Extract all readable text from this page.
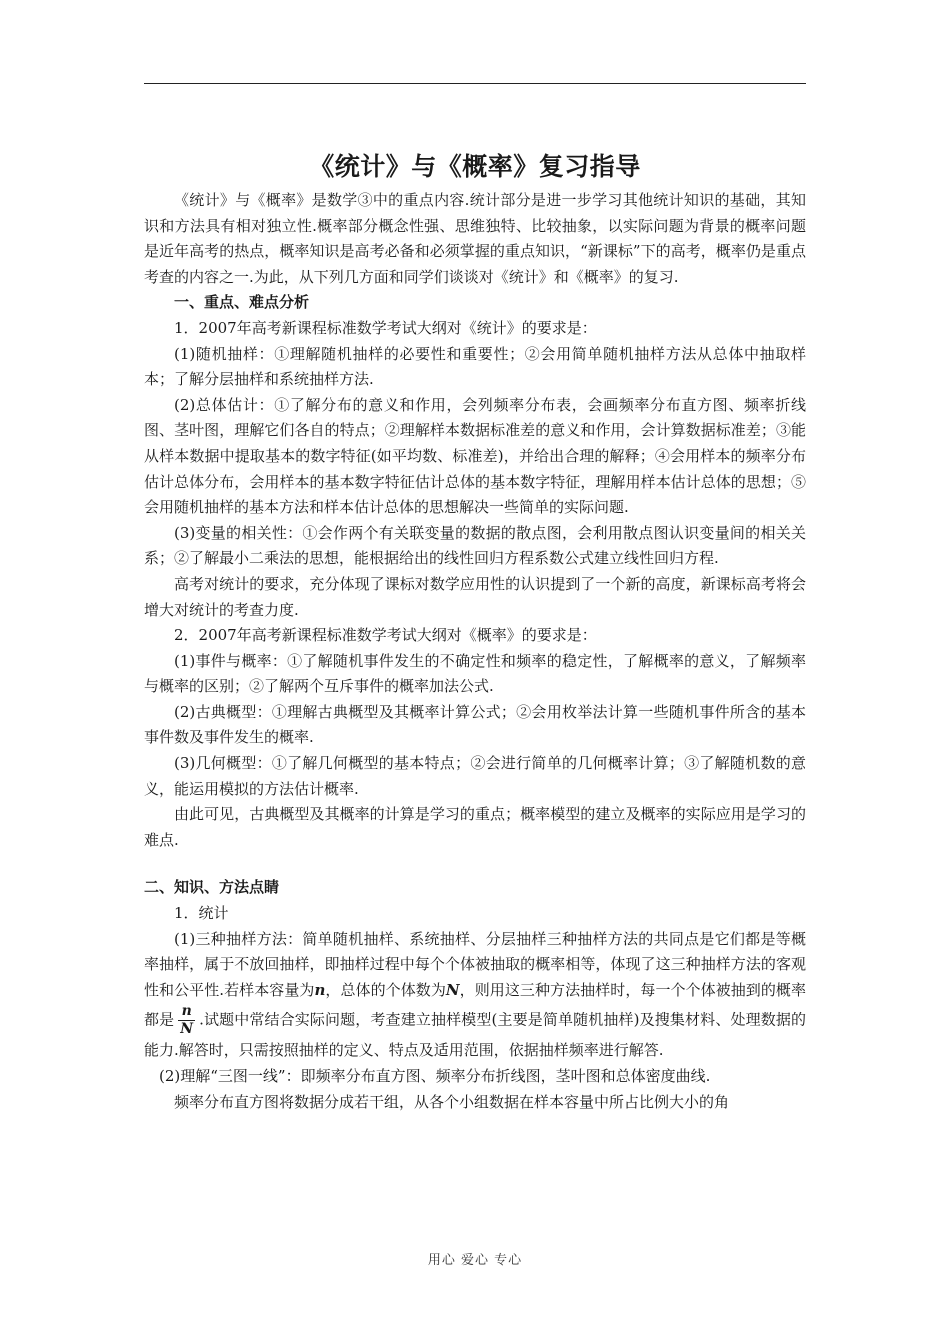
《统计》与《概率》复习指导

《统计》与《概率》是数学③中的重点内容.统计部分是进一步学习其他统计知识的基础，其知识和方法具有相对独立性.概率部分概念性强、思维独特、比较抽象，以实际问题为背景的概率问题是近年高考的热点，概率知识是高考必备和必须掌握的重点知识，“新课标”下的高考，概率仍是重点考查的内容之一.为此，从下列几方面和同学们谈谈对《统计》和《概率》的复习.

一、重点、难点分析

1．2007年高考新课程标准数学考试大纲对《统计》的要求是：

(1)随机抽样：①理解随机抽样的必要性和重要性；②会用简单随机抽样方法从总体中抽取样本；了解分层抽样和系统抽样方法.

(2)总体估计：①了解分布的意义和作用，会列频率分布表，会画频率分布直方图、频率折线图、茎叶图，理解它们各自的特点；②理解样本数据标准差的意义和作用，会计算数据标准差；③能从样本数据中提取基本的数字特征(如平均数、标准差)，并给出合理的解释；④会用样本的频率分布估计总体分布，会用样本的基本数字特征估计总体的基本数字特征，理解用样本估计总体的思想；⑤会用随机抽样的基本方法和样本估计总体的思想解决一些简单的实际问题.

(3)变量的相关性：①会作两个有关联变量的数据的散点图，会利用散点图认识变量间的相关关系；②了解最小二乘法的思想，能根据给出的线性回归方程系数公式建立线性回归方程.

高考对统计的要求，充分体现了课标对数学应用性的认识提到了一个新的高度，新课标高考将会增大对统计的考查力度.

2．2007年高考新课程标准数学考试大纲对《概率》的要求是：

(1)事件与概率：①了解随机事件发生的不确定性和频率的稳定性，了解概率的意义，了解频率与概率的区别；②了解两个互斥事件的概率加法公式.

(2)古典概型：①理解古典概型及其概率计算公式；②会用枚举法计算一些随机事件所含的基本事件数及事件发生的概率.

(3)几何概型：①了解几何概型的基本特点；②会进行简单的几何概率计算；③了解随机数的意义，能运用模拟的方法估计概率.

由此可见，古典概型及其概率的计算是学习的重点；概率模型的建立及概率的实际应用是学习的难点.

二、知识、方法点睛

1．统计

(1)三种抽样方法：简单随机抽样、系统抽样、分层抽样三种抽样方法的共同点是它们都是等概率抽样，属于不放回抽样，即抽样过程中每个个体被抽取的概率相等，体现了这三种抽样方法的客观性和公平性.若样本容量为n，总体的个体数为N，则用这三种方法抽样时，每一个个体被抽到的概率都是 $\frac{n}{N}$ .试题中常结合实际问题，考查建立抽样模型(主要是简单随机抽样)及搜集材料、处理数据的能力.解答时，只需按照抽样的定义、特点及适用范围，依据抽样频率进行解答.

(2)理解“三图一线”：即频率分布直方图、频率分布折线图，茎叶图和总体密度曲线.

频率分布直方图将数据分成若干组，从各个小组数据在样本容量中所占比例大小的角

用心 爱心 专心
